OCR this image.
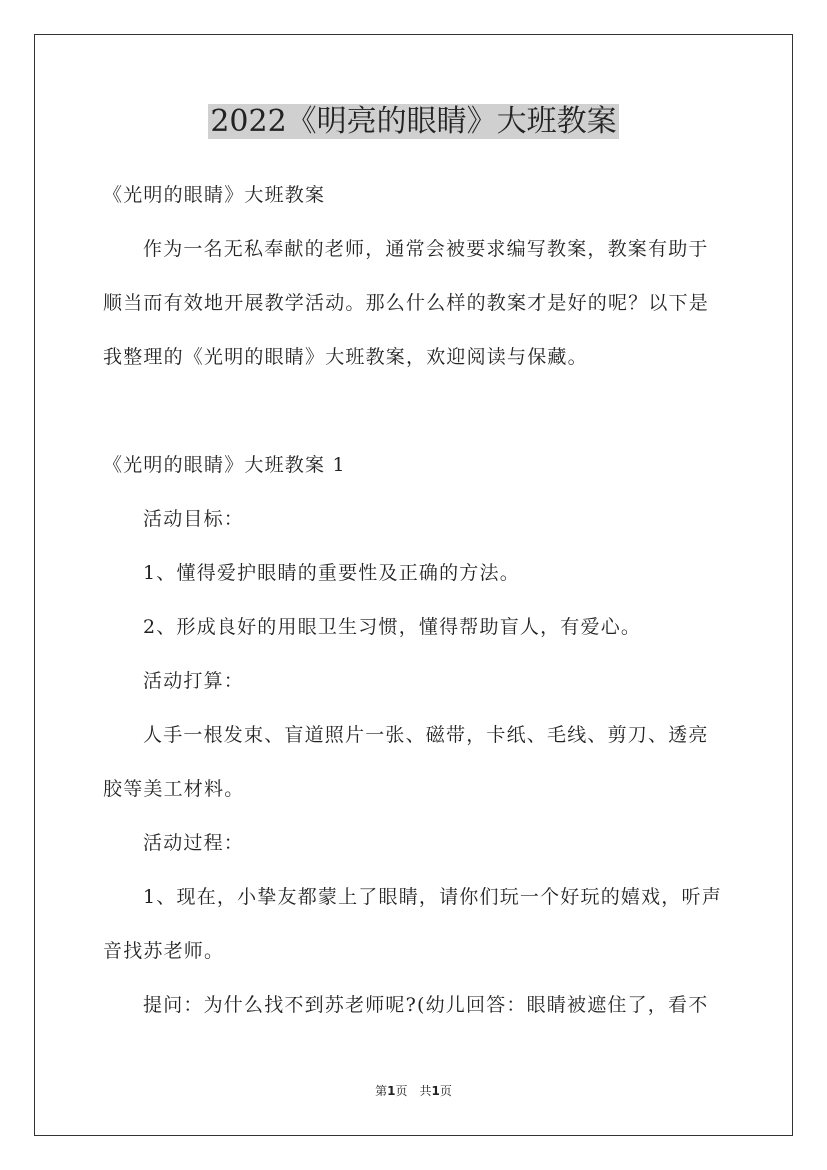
2022《明亮的眼睛》大班教案
《光明的眼睛》大班教案
作为一名无私奉献的老师，通常会被要求编写教案，教案有助于
顺当而有效地开展教学活动。那么什么样的教案才是好的呢？以下是
我整理的《光明的眼睛》大班教案，欢迎阅读与保藏。
《光明的眼睛》大班教案 1
活动目标：
1、懂得爱护眼睛的重要性及正确的方法。
2、形成良好的用眼卫生习惯，懂得帮助盲人，有爱心。
活动打算：
人手一根发束、盲道照片一张、磁带，卡纸、毛线、剪刀、透亮
胶等美工材料。
活动过程：
1、现在，小挚友都蒙上了眼睛，请你们玩一个好玩的嬉戏，听声
音找苏老师。
提问：为什么找不到苏老师呢?(幼儿回答：眼睛被遮住了，看不
第1页 共1页
